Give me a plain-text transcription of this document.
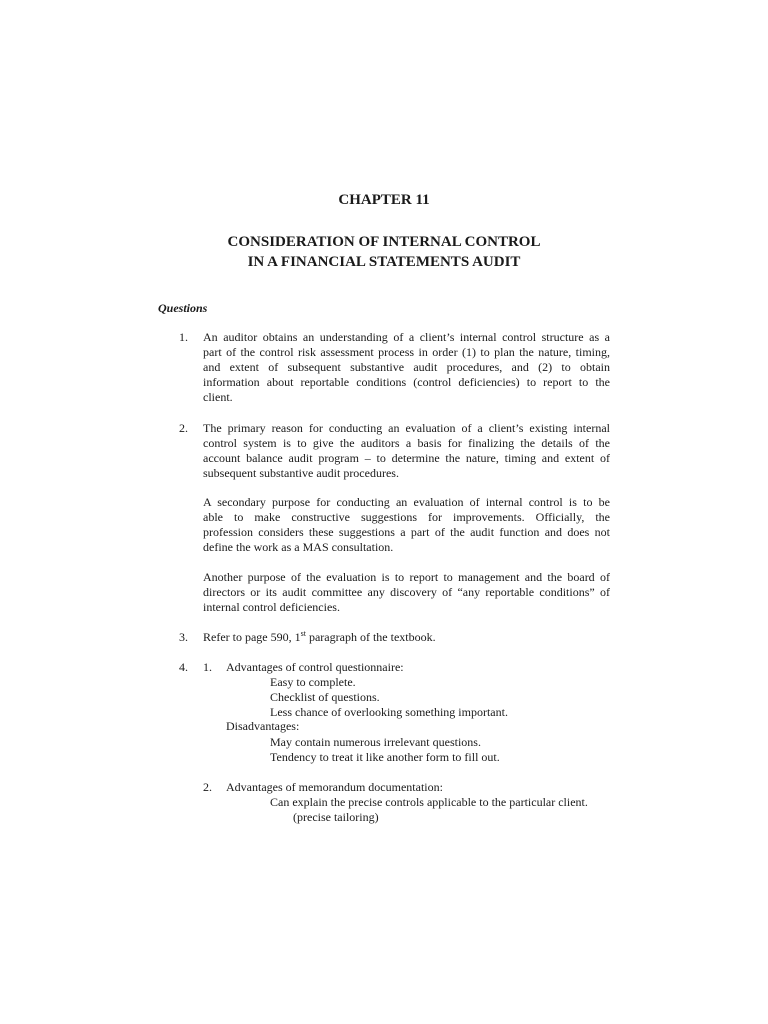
CHAPTER 11
CONSIDERATION OF INTERNAL CONTROL
IN A FINANCIAL STATEMENTS AUDIT
Questions
1. An auditor obtains an understanding of a client’s internal control structure as a
part of the control risk assessment process in order (1) to plan the nature, timing,
and extent of subsequent substantive audit procedures, and (2) to obtain
information about reportable conditions (control deficiencies) to report to the
client.
2. The primary reason for conducting an evaluation of a client’s existing internal
control system is to give the auditors a basis for finalizing the details of the
account balance audit program – to determine the nature, timing and extent of
subsequent substantive audit procedures.
A secondary purpose for conducting an evaluation of internal control is to be
able to make constructive suggestions for improvements. Officially, the
profession considers these suggestions a part of the audit function and does not
define the work as a MAS consultation.
Another purpose of the evaluation is to report to management and the board of
directors or its audit committee any discovery of “any reportable conditions” of
internal control deficiencies.
3. Refer to page 590, 1st paragraph of the textbook.
4. 1. Advantages of control questionnaire:
Easy to complete.
Checklist of questions.
Less chance of overlooking something important.
Disadvantages:
May contain numerous irrelevant questions.
Tendency to treat it like another form to fill out.
2. Advantages of memorandum documentation:
Can explain the precise controls applicable to the particular client.
(precise tailoring)
